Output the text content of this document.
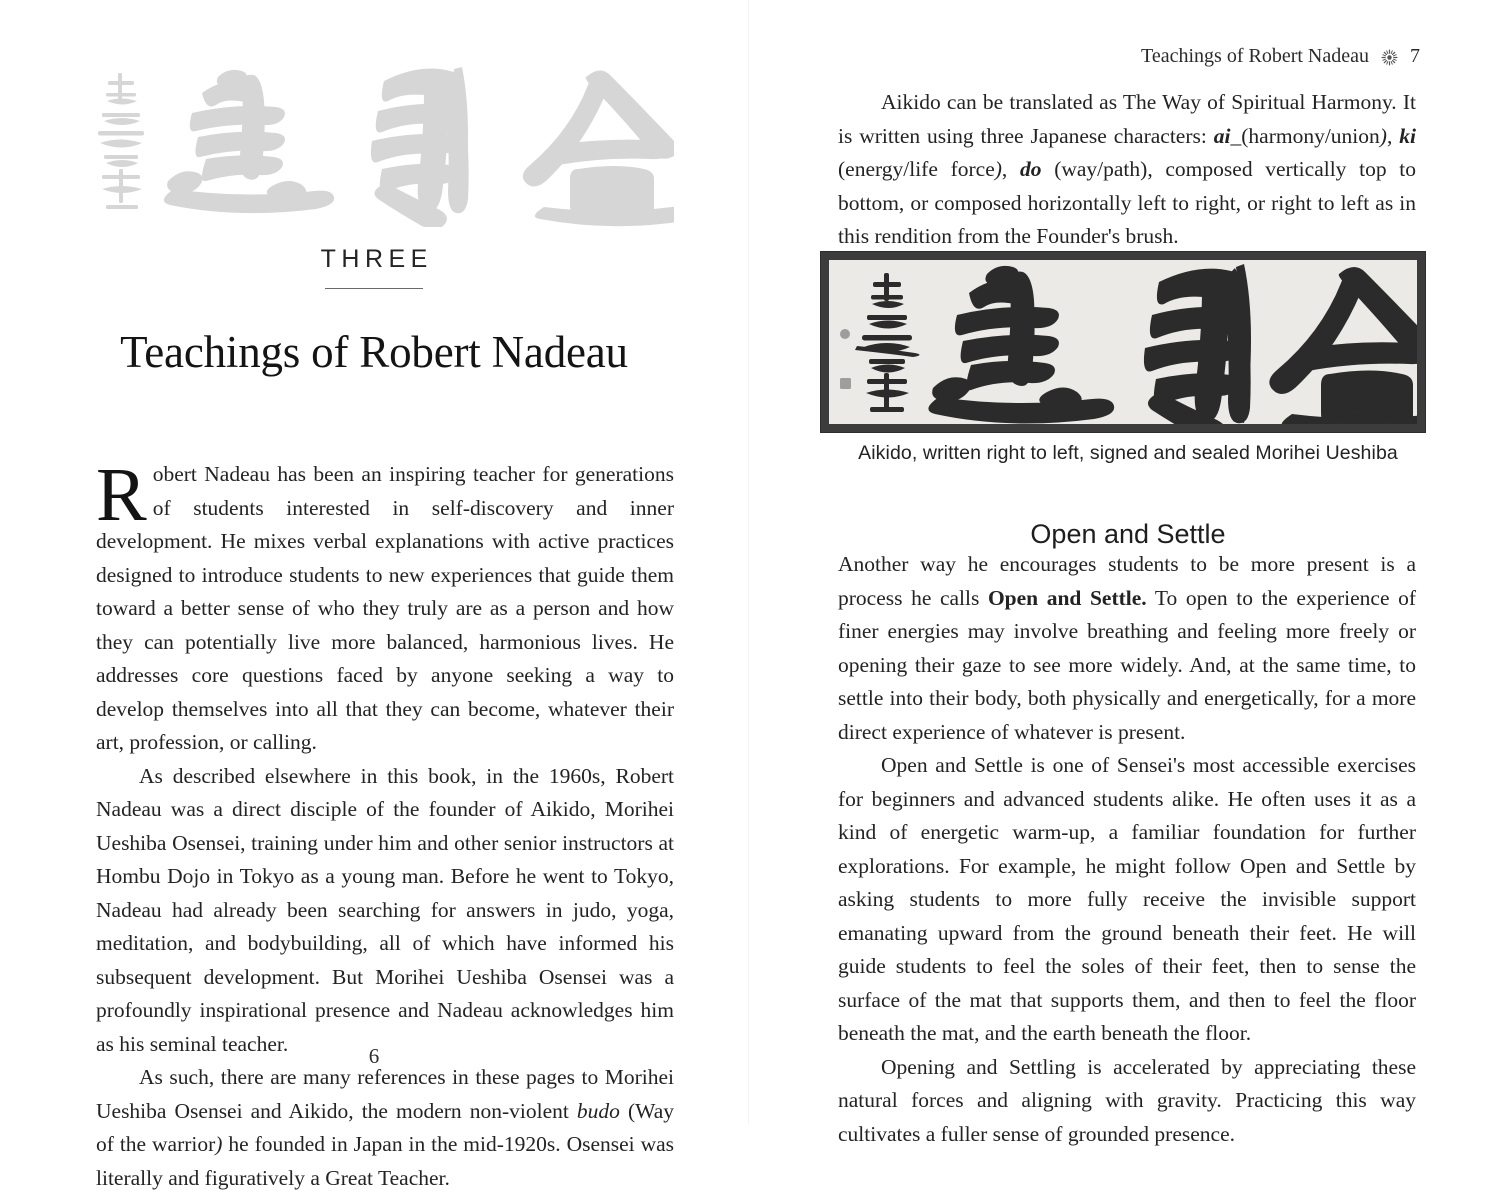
THREE
Teachings of Robert Nadeau

Robert Nadeau has been an inspiring teacher for generations of students interested in self-discovery and inner development. He mixes verbal explanations with active practices designed to introduce students to new experiences that guide them toward a better sense of who they truly are as a person and how they can potentially live more balanced, harmonious lives. He addresses core questions faced by anyone seeking a way to develop themselves into all that they can become, whatever their art, profession, or calling.

As described elsewhere in this book, in the 1960s, Robert Nadeau was a direct disciple of the founder of Aikido, Morihei Ueshiba Osensei, training under him and other senior instructors at Hombu Dojo in Tokyo as a young man. Before he went to Tokyo, Nadeau had already been searching for answers in judo, yoga, meditation, and bodybuilding, all of which have informed his subsequent development. But Morihei Ueshiba Osensei was a profoundly inspirational presence and Nadeau acknowledges him as his seminal teacher.

As such, there are many references in these pages to Morihei Ueshiba Osensei and Aikido, the modern non-violent budo (Way of the warrior) he founded in Japan in the mid-1920s. Osensei was literally and figuratively a Great Teacher.

6
Teachings of Robert Nadeau 7

Aikido can be translated as The Way of Spiritual Harmony. It is written using three Japanese characters: ai_(harmony/union), ki (energy/life force), do (way/path), composed vertically top to bottom, or composed horizontally left to right, or right to left as in this rendition from the Founder's brush.

Aikido, written right to left, signed and sealed Morihei Ueshiba
Open and Settle

Another way he encourages students to be more present is a process he calls Open and Settle. To open to the experience of finer energies may involve breathing and feeling more freely or opening their gaze to see more widely. And, at the same time, to settle into their body, both physically and energetically, for a more direct experience of whatever is present.

Open and Settle is one of Sensei's most accessible exercises for beginners and advanced students alike. He often uses it as a kind of energetic warm-up, a familiar foundation for further explorations. For example, he might follow Open and Settle by asking students to more fully receive the invisible support emanating upward from the ground beneath their feet. He will guide students to feel the soles of their feet, then to sense the surface of the mat that supports them, and then to feel the floor beneath the mat, and the earth beneath the floor.

Opening and Settling is accelerated by appreciating these natural forces and aligning with gravity. Practicing this way cultivates a fuller sense of grounded presence.
